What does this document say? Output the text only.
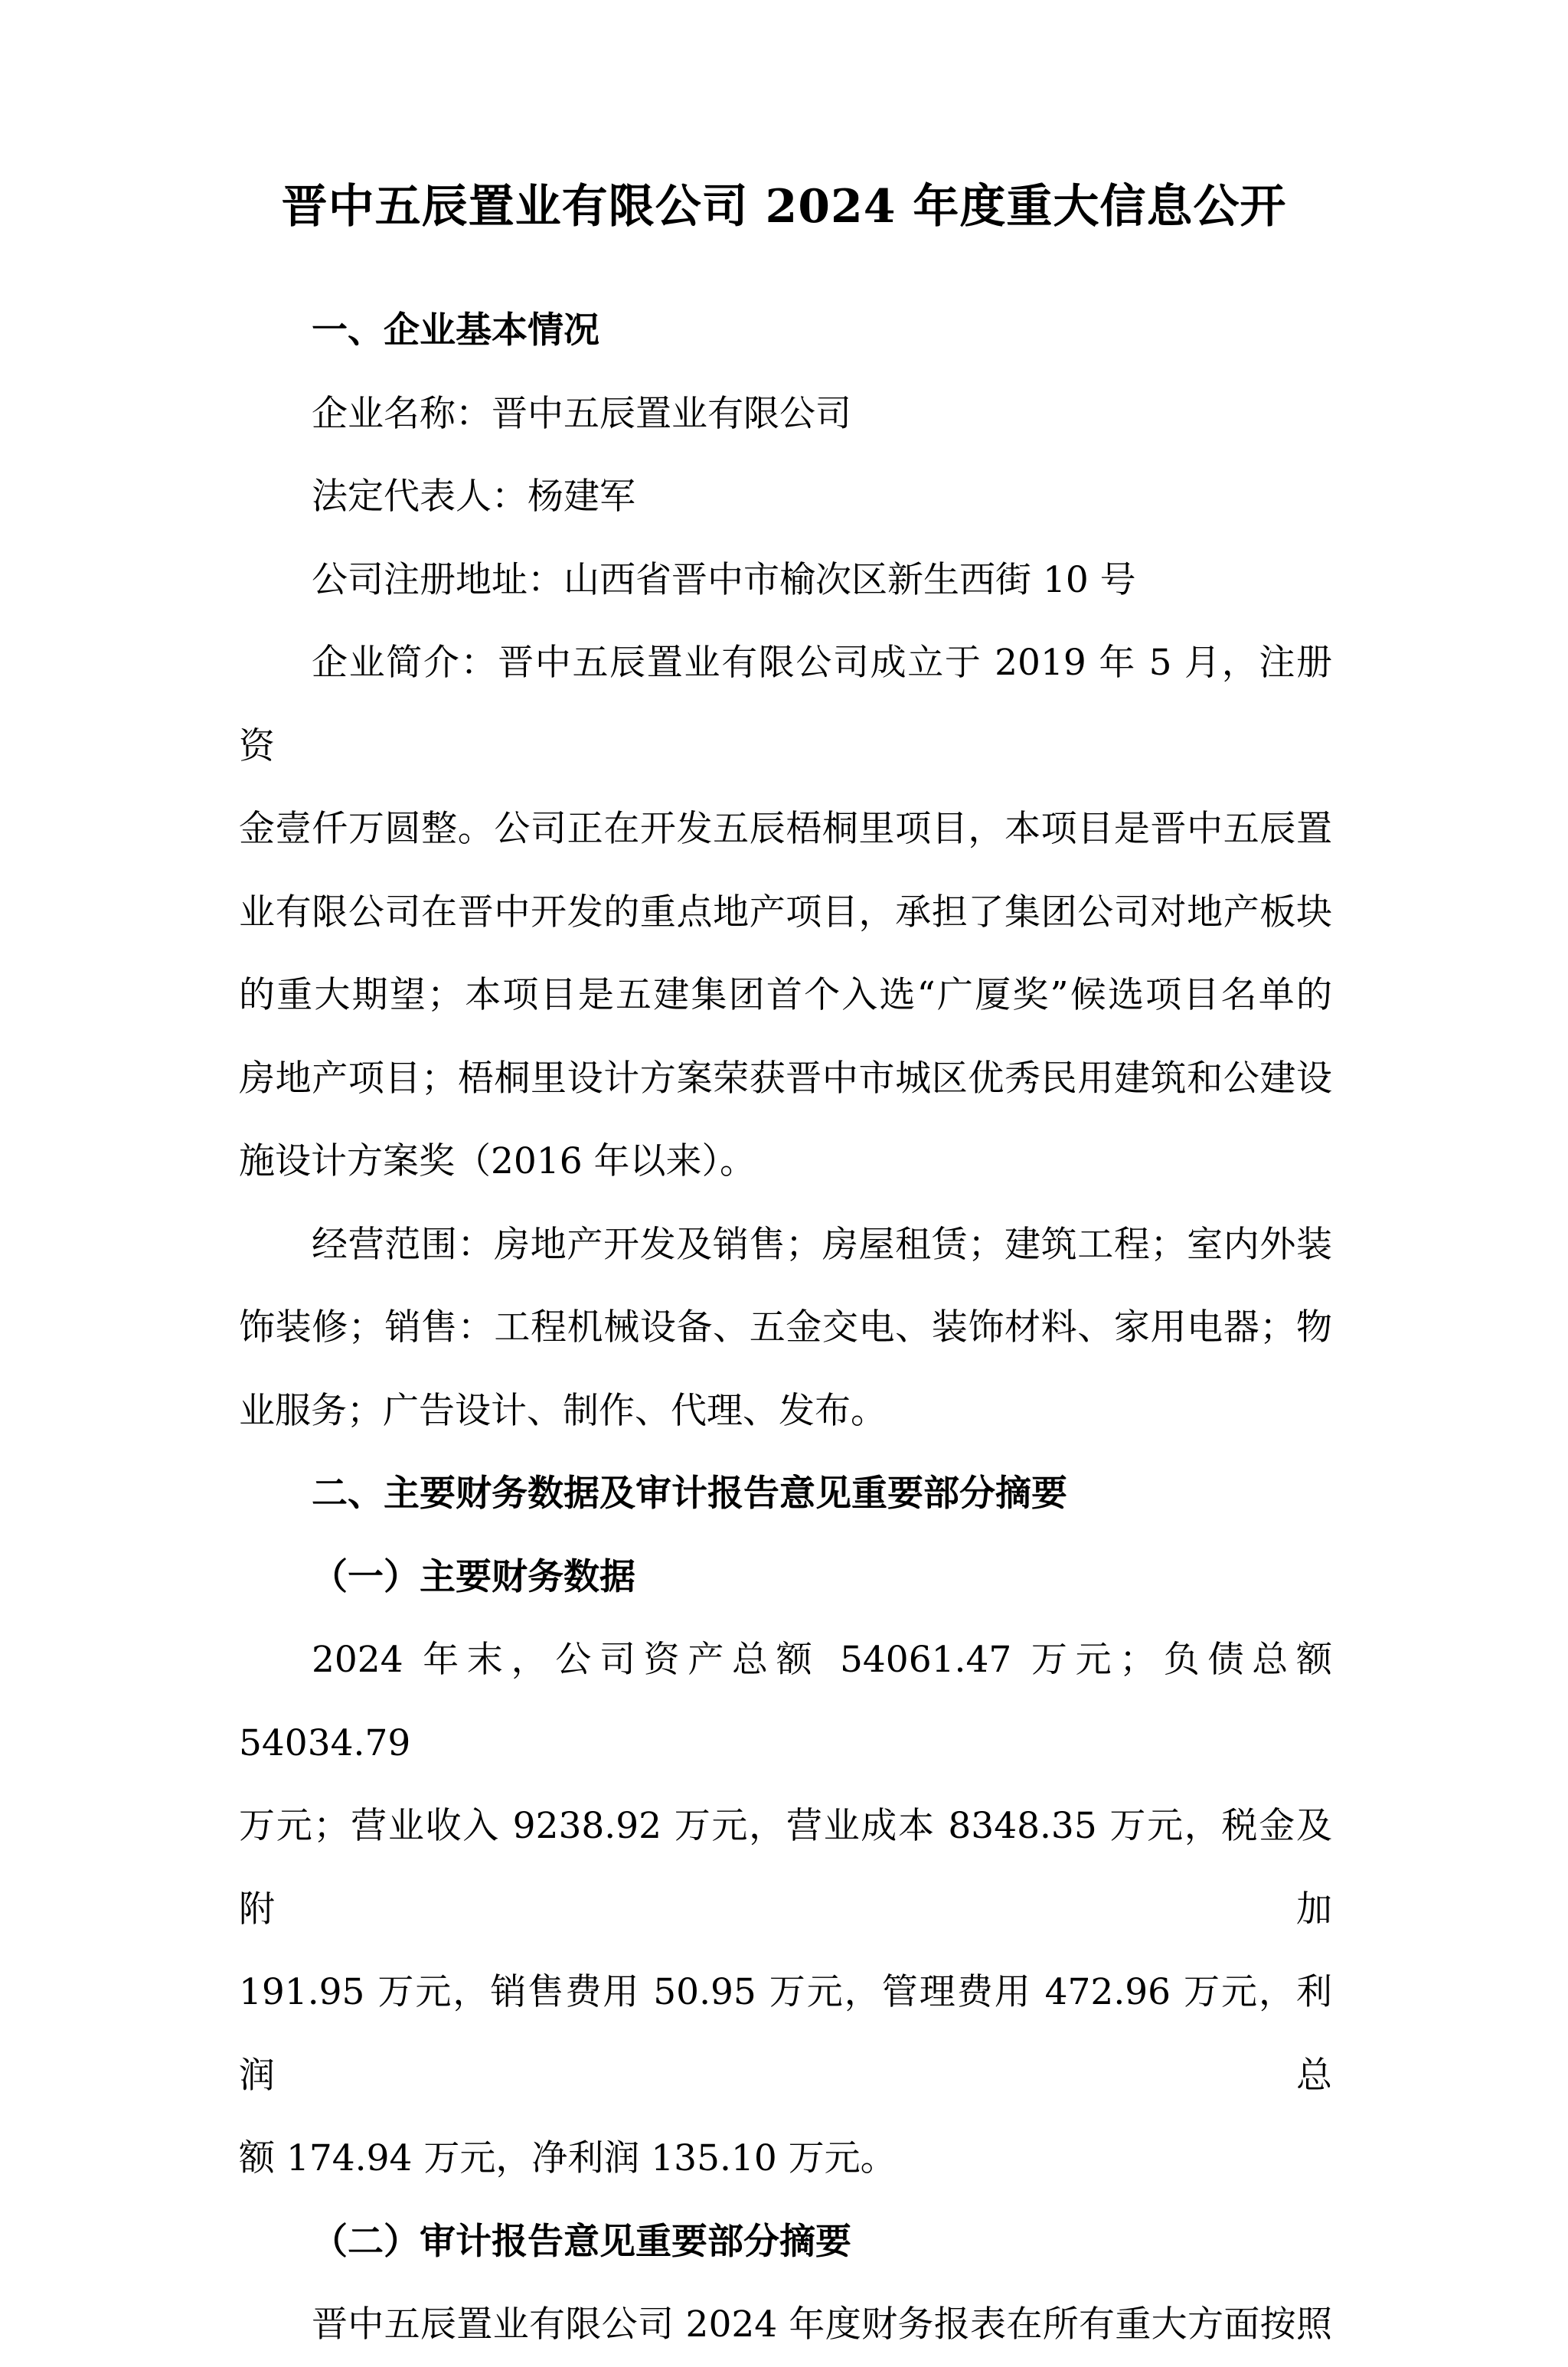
晋中五辰置业有限公司 2024 年度重大信息公开
一、企业基本情况
企业名称：晋中五辰置业有限公司
法定代表人：杨建军
公司注册地址：山西省晋中市榆次区新生西街 10 号
企业简介：晋中五辰置业有限公司成立于 2019 年 5 月，注册资
金壹仟万圆整。公司正在开发五辰梧桐里项目，本项目是晋中五辰置
业有限公司在晋中开发的重点地产项目，承担了集团公司对地产板块
的重大期望；本项目是五建集团首个入选“广厦奖”候选项目名单的
房地产项目；梧桐里设计方案荣获晋中市城区优秀民用建筑和公建设
施设计方案奖（2016 年以来）。
经营范围：房地产开发及销售；房屋租赁；建筑工程；室内外装
饰装修；销售：工程机械设备、五金交电、装饰材料、家用电器；物
业服务；广告设计、制作、代理、发布。
二、主要财务数据及审计报告意见重要部分摘要
（一）主要财务数据
2024 年末，公司资产总额 54061.47 万元；负债总额 54034.79
万元；营业收入 9238.92 万元，营业成本 8348.35 万元，税金及附加
191.95 万元，销售费用 50.95 万元，管理费用 472.96 万元，利润总
额 174.94 万元，净利润 135.10 万元。
（二）审计报告意见重要部分摘要
晋中五辰置业有限公司 2024 年度财务报表在所有重大方面按照
